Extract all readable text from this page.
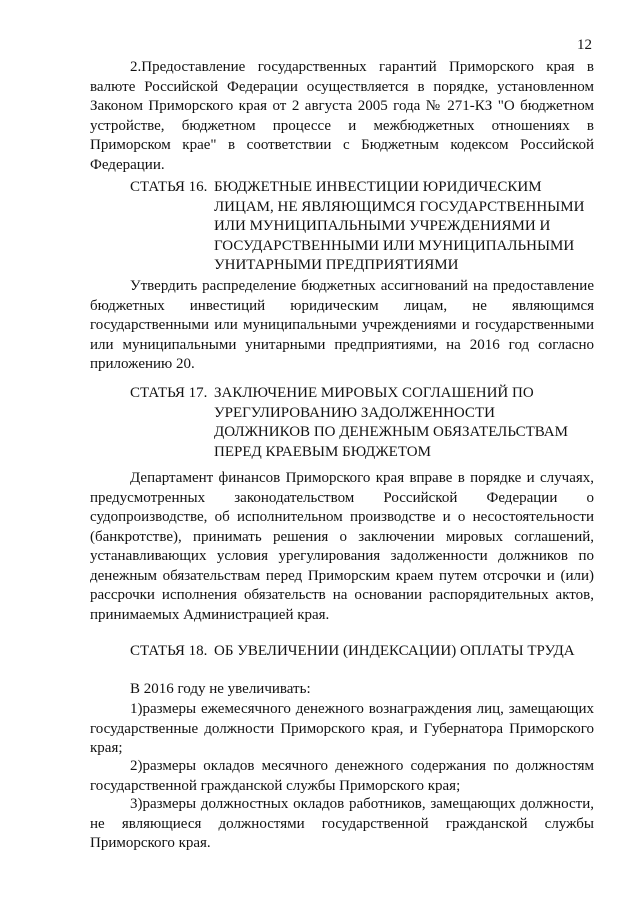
12

2.Предоставление государственных гарантий Приморского края в валюте Российской Федерации осуществляется в порядке, установленном Законом Приморского края от 2 августа 2005 года № 271-КЗ "О бюджетном устройстве, бюджетном процессе и межбюджетных отношениях в Приморском крае" в соответствии с Бюджетным кодексом Российской Федерации.

СТАТЬЯ 16. БЮДЖЕТНЫЕ ИНВЕСТИЦИИ ЮРИДИЧЕСКИМ ЛИЦАМ, НЕ ЯВЛЯЮЩИМСЯ ГОСУДАРСТВЕННЫМИ ИЛИ МУНИЦИПАЛЬНЫМИ УЧРЕЖДЕНИЯМИ И ГОСУДАРСТВЕННЫМИ ИЛИ МУНИЦИПАЛЬНЫМИ УНИТАРНЫМИ ПРЕДПРИЯТИЯМИ

Утвердить распределение бюджетных ассигнований на предоставление бюджетных инвестиций юридическим лицам, не являющимся государственными или муниципальными учреждениями и государственными или муниципальными унитарными предприятиями, на 2016 год согласно приложению 20.

СТАТЬЯ 17. ЗАКЛЮЧЕНИЕ МИРОВЫХ СОГЛАШЕНИЙ ПО УРЕГУЛИРОВАНИЮ ЗАДОЛЖЕННОСТИ ДОЛЖНИКОВ ПО ДЕНЕЖНЫМ ОБЯЗАТЕЛЬСТВАМ ПЕРЕД КРАЕВЫМ БЮДЖЕТОМ

Департамент финансов Приморского края вправе в порядке и случаях, предусмотренных законодательством Российской Федерации о судопроизводстве, об исполнительном производстве и о несостоятельности (банкротстве), принимать решения о заключении мировых соглашений, устанавливающих условия урегулирования задолженности должников по денежным обязательствам перед Приморским краем путем отсрочки и (или) рассрочки исполнения обязательств на основании распорядительных актов, принимаемых Администрацией края.

СТАТЬЯ 18. ОБ УВЕЛИЧЕНИИ (ИНДЕКСАЦИИ) ОПЛАТЫ ТРУДА

В 2016 году не увеличивать:

1)размеры ежемесячного денежного вознаграждения лиц, замещающих государственные должности Приморского края, и Губернатора Приморского края;

2)размеры окладов месячного денежного содержания по должностям государственной гражданской службы Приморского края;

3)размеры должностных окладов работников, замещающих должности, не являющиеся должностями государственной гражданской службы Приморского края.
